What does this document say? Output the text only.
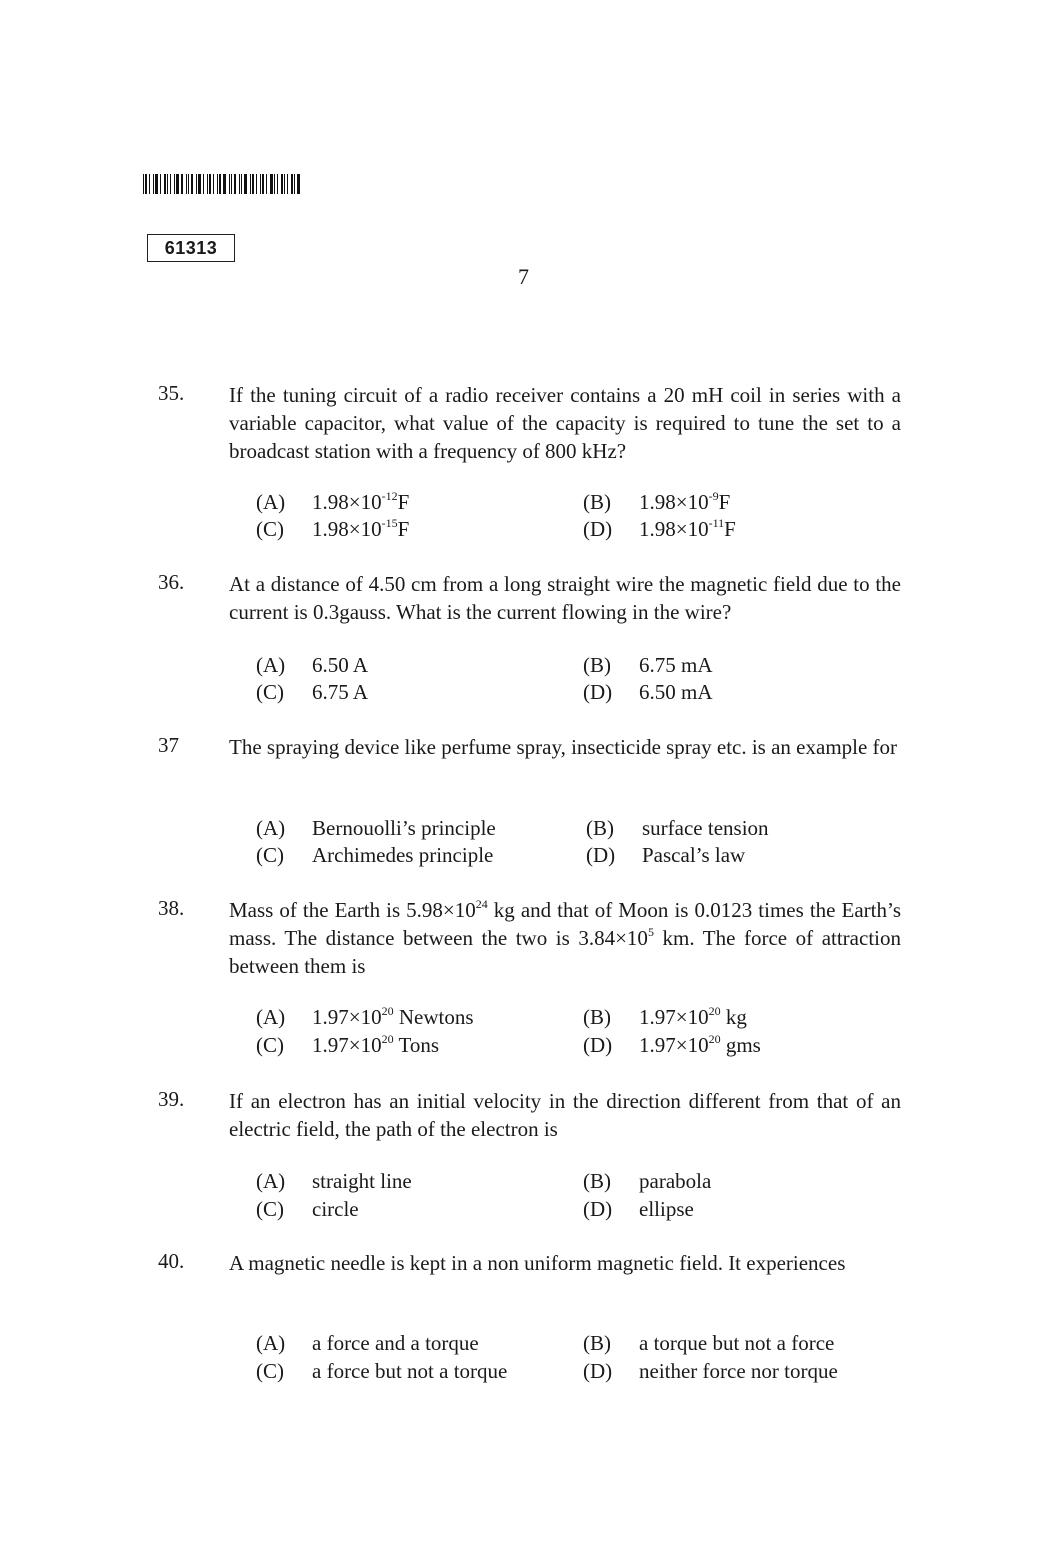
61313
7
35. If the tuning circuit of a radio receiver contains a 20 mH coil in series with a variable capacitor, what value of the capacity is required to tune the set to a broadcast station with a frequency of 800 kHz?
(A) $1.98\times 10^{-12}F$	(B) $1.98\times 10^{-9}F$
(C) $1.98\times 10^{-15}F$	(D) $1.98\times 10^{-11}F$
36. At a distance of 4.50 cm from a long straight wire the magnetic field due to the current is 0.3gauss. What is the current flowing in the wire?
(A) 6.50 A	(B) 6.75 mA
(C) 6.75 A	(D) 6.50 mA
37 The spraying device like perfume spray, insecticide spray etc. is an example for
(A) Bernouolli’s principle	(B) surface tension
(C) Archimedes principle	(D) Pascal’s law
38. Mass of the Earth is $5.98\times 10^{24}$ kg and that of Moon is 0.0123 times the Earth’s mass. The distance between the two is $3.84\times 10^5$ km. The force of attraction between them is
(A) $1.97\times 10^{20}$ Newtons	(B) $1.97\times 10^{20}$ kg
(C) $1.97\times 10^{20}$ Tons	(D) $1.97\times 10^{20}$ gms
39. If an electron has an initial velocity in the direction different from that of an electric field, the path of the electron is
(A) straight line	(B) parabola
(C) circle	(D) ellipse
40. A magnetic needle is kept in a non uniform magnetic field. It experiences
(A) a force and a torque	(B) a torque but not a force
(C) a force but not a torque	(D) neither force nor torque
